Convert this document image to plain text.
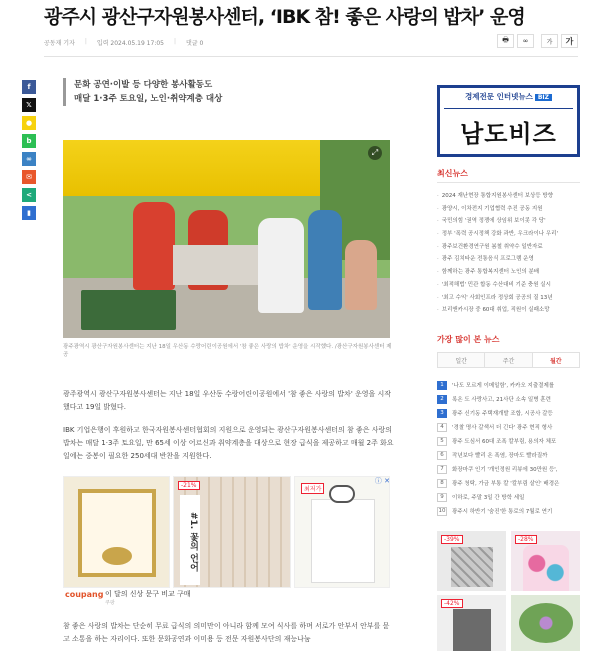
광주시 광산구자원봉사센터, ‘IBK 참! 좋은 사랑의 밥차’ 운영
공동재 기자 | 입력 2024.05.19 17:05 | 댓글 0	🖶	∞	가	가
f
𝕏
●
b
∞
✉
<
▮
문화 공연·이발 등 다양한 봉사활동도
매달 1·3주 토요일, 노인·취약계층 대상
⤢
광주광역시 광산구자원봉사센터는 지난 18일 우산동 수랑어린이공원에서 '참 좋은 사랑의 밥차' 운영을 시작했다. /광산구자원봉사센터 제공

광주광역시 광산구자원봉사센터는 지난 18일 우산동 수랑어린이공원에서 '참 좋은 사랑의 밥차' 운영을 시작했다고 19일 밝혔다.

IBK 기업은행이 후원하고 한국자원봉사센터협회의 지원으로 운영되는 광산구자원봉사센터의 참 좋은 사랑의 밥차는 매달 1·3주 토요일, 만 65세 이상 어르신과 취약계층을 대상으로 현장 급식을 제공하고 매월 2주 화요일에는 중봉이 필요한 250세대 반찬을 지원한다.

-21%
#1. 꽃의 언어
최저가
ⓘ ✕
coupang 이 달의 신상 문구 비교 구매
쿠팡

참 좋은 사랑의 밥차는 단순히 무료 급식의 의미만이 아니라 함께 모여 식사를 하며 서로가 안부서 안부를 묻고 소통을 하는 자리이다. 또한 문화공연과 이미용 등 전문 자원봉사단의 재능나눔

경제전문 인터넷뉴스 BIZ
남도비즈
최신뉴스
· 2024 재난현장 통합지원봉사센터 보상등 방향
· 광양시, 이차전지 기업협력 추진 공동 지원
· 국민의힘 '권역 정쟁에 상임위 보이콧 각 당'
· 정부 '폭력 공시정책 강화 과반, 우크라이나 우리'
· 광주보건환경연구원 봄철 취약수 일반자료
· 광주 김치타운 전통음식 프로그램 운영
· 함께하는 광주 통합복지센터 노인의 분배
· '최적해법' 민관 합동 수산대비 기준 충원 실시
· '최고 수익' 사회인프라 정상회 공공의 질 13년
· 브리앤카시장 중 60대 취업, 직원이 실패소망
가장 많이 본 뉴스
일간	주간	월간
1	'나도 모르게 이메일함', 카카오 지출결제를
2	록온 도 사랑사고, 21사단 소속 일병 훈련
3	광주 신기동 주택재개발 조합, 시공사 갈등
4	'경찰 명사 갈색서 더 긴다' 광주 현직 형사
5	광주 도심서 60대 조폭 칼부림, 용의자 체포
6	작년보다 빨리 온 폭염, 장마도 빨라질까
7	화장마쿠 인기 '개인정원 리뷰에 30만원 등',
8	광주 청탁, 가금 부통 칼 '칼부림 살인' 배경은
9	이하로, 주말 3일 간 방학 세일
10 광주시 하반기 '숨진'한 통로의 7월로 연기
-39%	-28%
-42%
